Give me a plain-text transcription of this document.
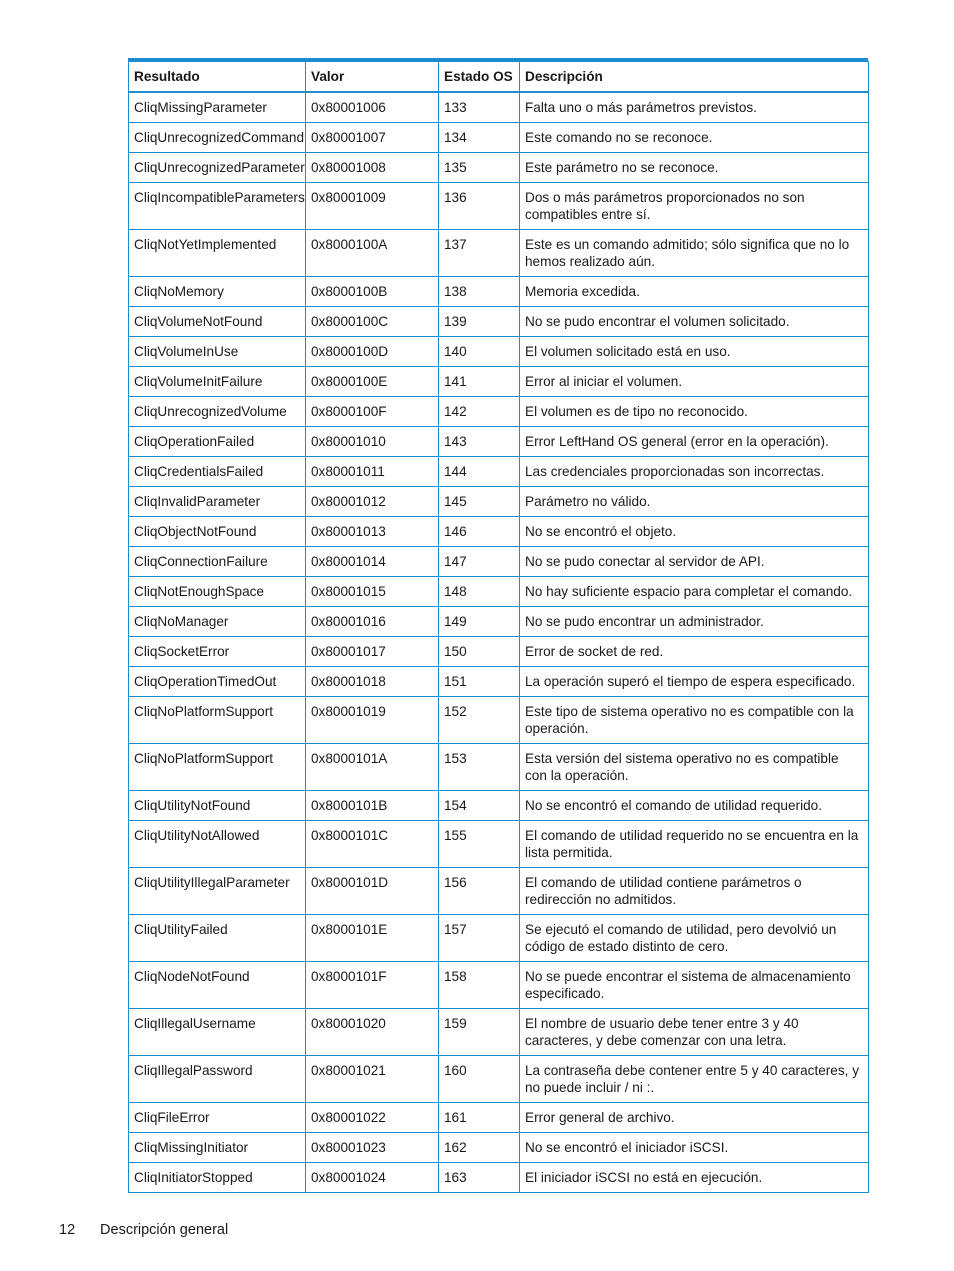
Resultado	Valor	Estado OS	Descripción
CliqMissingParameter	0x80001006	133	Falta uno o más parámetros previstos.
CliqUnrecognizedCommand	0x80001007	134	Este comando no se reconoce.
CliqUnrecognizedParameter	0x80001008	135	Este parámetro no se reconoce.
CliqIncompatibleParameters	0x80001009	136	Dos o más parámetros proporcionados no son compatibles entre sí.
CliqNotYetImplemented	0x8000100A	137	Este es un comando admitido; sólo significa que no lo hemos realizado aún.
CliqNoMemory	0x8000100B	138	Memoria excedida.
CliqVolumeNotFound	0x8000100C	139	No se pudo encontrar el volumen solicitado.
CliqVolumeInUse	0x8000100D	140	El volumen solicitado está en uso.
CliqVolumeInitFailure	0x8000100E	141	Error al iniciar el volumen.
CliqUnrecognizedVolume	0x8000100F	142	El volumen es de tipo no reconocido.
CliqOperationFailed	0x80001010	143	Error LeftHand OS general (error en la operación).
CliqCredentialsFailed	0x80001011	144	Las credenciales proporcionadas son incorrectas.
CliqInvalidParameter	0x80001012	145	Parámetro no válido.
CliqObjectNotFound	0x80001013	146	No se encontró el objeto.
CliqConnectionFailure	0x80001014	147	No se pudo conectar al servidor de API.
CliqNotEnoughSpace	0x80001015	148	No hay suficiente espacio para completar el comando.
CliqNoManager	0x80001016	149	No se pudo encontrar un administrador.
CliqSocketError	0x80001017	150	Error de socket de red.
CliqOperationTimedOut	0x80001018	151	La operación superó el tiempo de espera especificado.
CliqNoPlatformSupport	0x80001019	152	Este tipo de sistema operativo no es compatible con la operación.
CliqNoPlatformSupport	0x8000101A	153	Esta versión del sistema operativo no es compatible con la operación.
CliqUtilityNotFound	0x8000101B	154	No se encontró el comando de utilidad requerido.
CliqUtilityNotAllowed	0x8000101C	155	El comando de utilidad requerido no se encuentra en la lista permitida.
CliqUtilityIllegalParameter	0x8000101D	156	El comando de utilidad contiene parámetros o redirección no admitidos.
CliqUtilityFailed	0x8000101E	157	Se ejecutó el comando de utilidad, pero devolvió un código de estado distinto de cero.
CliqNodeNotFound	0x8000101F	158	No se puede encontrar el sistema de almacenamiento especificado.
CliqIllegalUsername	0x80001020	159	El nombre de usuario debe tener entre 3 y 40 caracteres, y debe comenzar con una letra.
CliqIllegalPassword	0x80001021	160	La contraseña debe contener entre 5 y 40 caracteres, y no puede incluir / ni :.
CliqFileError	0x80001022	161	Error general de archivo.
CliqMissingInitiator	0x80001023	162	No se encontró el iniciador iSCSI.
CliqInitiatorStopped	0x80001024	163	El iniciador iSCSI no está en ejecución.
12 Descripción general
